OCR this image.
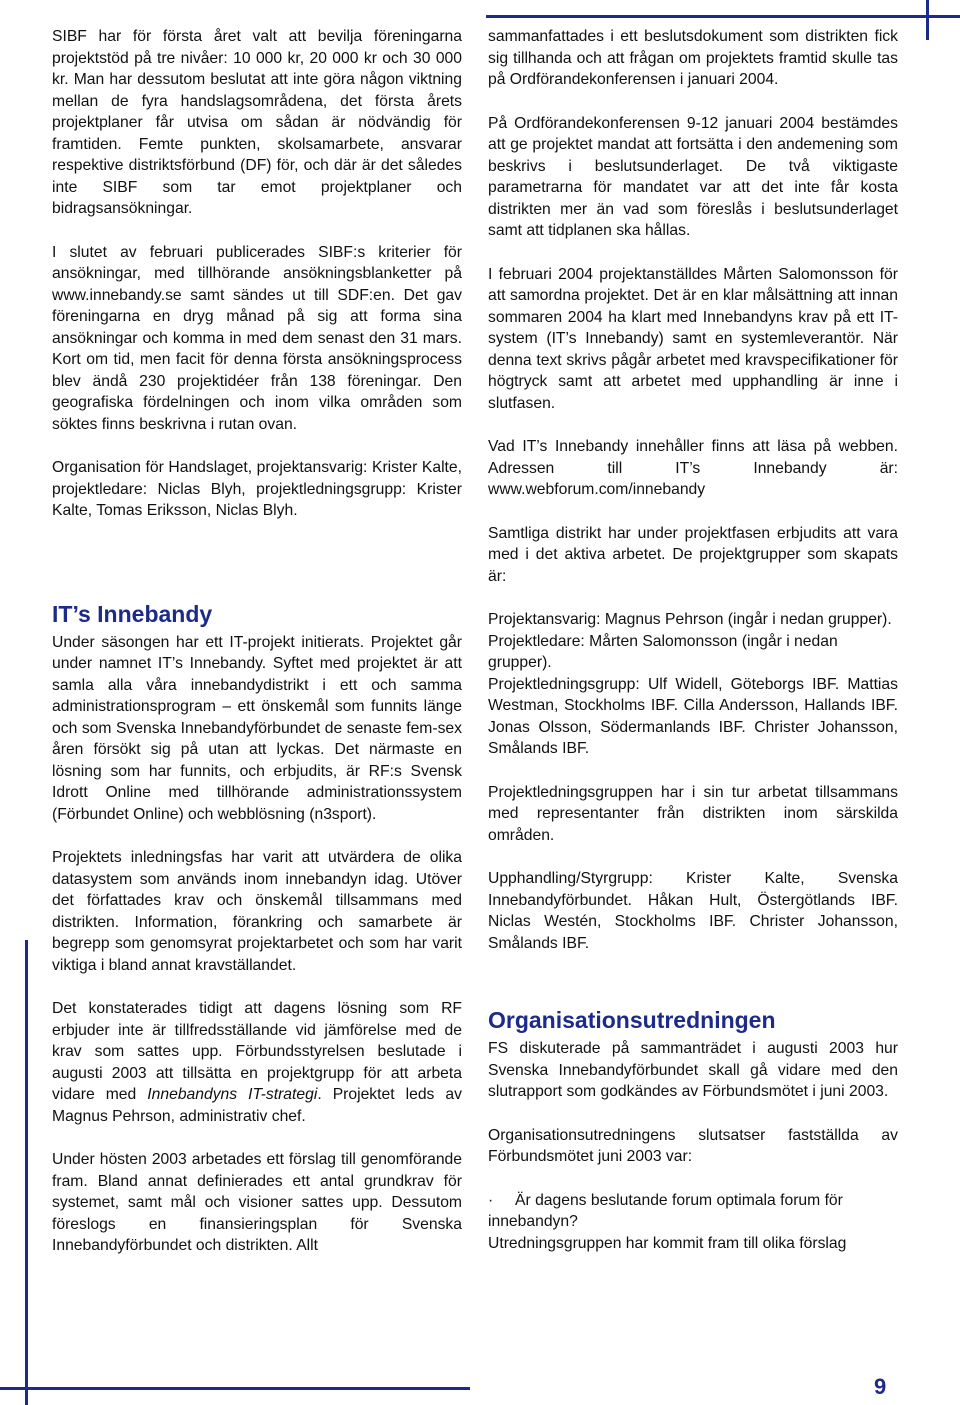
SIBF har för första året valt att bevilja föreningarna projektstöd på tre nivåer: 10 000 kr, 20 000 kr och 30 000 kr. Man har dessutom beslutat att inte göra någon viktning mellan de fyra handslagsområdena, det första årets projektplaner får utvisa om sådan är nödvändig för framtiden. Femte punkten, skolsamarbete, ansvarar respektive distriktsförbund (DF) för, och där är det således inte SIBF som tar emot projektplaner och bidragsansökningar.

I slutet av februari publicerades SIBF:s kriterier för ansökningar, med tillhörande ansökningsblanketter på www.innebandy.se samt sändes ut till SDF:en. Det gav föreningarna en dryg månad på sig att forma sina ansökningar och komma in med dem senast den 31 mars. Kort om tid, men facit för denna första ansökningsprocess blev ändå 230 projektidéer från 138 föreningar. Den geografiska fördelningen och inom vilka områden som söktes finns beskrivna i rutan ovan.

Organisation för Handslaget, projektansvarig: Krister Kalte, projektledare: Niclas Blyh, projektledningsgrupp: Krister Kalte, Tomas Eriksson, Niclas Blyh.

IT’s Innebandy

Under säsongen har ett IT-projekt initierats. Projektet går under namnet IT’s Innebandy. Syftet med projektet är att samla alla våra innebandydistrikt i ett och samma administrationsprogram – ett önskemål som funnits länge och som Svenska Innebandyförbundet de senaste fem-sex åren försökt sig på utan att lyckas. Det närmaste en lösning som har funnits, och erbjudits, är RF:s Svensk Idrott Online med tillhörande administrationssystem (Förbundet Online) och webblösning (n3sport).

Projektets inledningsfas har varit att utvärdera de olika datasystem som används inom innebandyn idag. Utöver det författades krav och önskemål tillsammans med distrikten. Information, förankring och samarbete är begrepp som genomsyrat projektarbetet och som har varit viktiga i bland annat kravställandet.

Det konstaterades tidigt att dagens lösning som RF erbjuder inte är tillfredsställande vid jämförelse med de krav som sattes upp. Förbundsstyrelsen beslutade i augusti 2003 att tillsätta en projektgrupp för att arbeta vidare med Innebandyns IT-strategi. Projektet leds av Magnus Pehrson, administrativ chef.

Under hösten 2003 arbetades ett förslag till genomförande fram. Bland annat definierades ett antal grundkrav för systemet, samt mål och visioner sattes upp. Dessutom föreslogs en finansieringsplan för Svenska Innebandyförbundet och distrikten. Allt

sammanfattades i ett beslutsdokument som distrikten fick sig tillhanda och att frågan om projektets framtid skulle tas på Ordförandekonferensen i januari 2004.

På Ordförandekonferensen 9-12 januari 2004 bestämdes att ge projektet mandat att fortsätta i den andemening som beskrivs i beslutsunderlaget. De två viktigaste parametrarna för mandatet var att det inte får kosta distrikten mer än vad som föreslås i beslutsunderlaget samt att tidplanen ska hållas.

I februari 2004 projektanställdes Mårten Salomonsson för att samordna projektet. Det är en klar målsättning att innan sommaren 2004 ha klart med Innebandyns krav på ett IT-system (IT’s Innebandy) samt en systemleverantör. När denna text skrivs pågår arbetet med kravspecifikationer för högtryck samt att arbetet med upphandling är inne i slutfasen.

Vad IT’s Innebandy innehåller finns att läsa på webben. Adressen till IT’s Innebandy är: www.webforum.com/innebandy

Samtliga distrikt har under projektfasen erbjudits att vara med i det aktiva arbetet. De projektgrupper som skapats är:

Projektansvarig: Magnus Pehrson (ingår i nedan grupper).

Projektledare: Mårten Salomonsson (ingår i nedan grupper).

Projektledningsgrupp: Ulf Widell, Göteborgs IBF. Mattias Westman, Stockholms IBF. Cilla Andersson, Hallands IBF. Jonas Olsson, Södermanlands IBF. Christer Johansson, Smålands IBF.

Projektledningsgruppen har i sin tur arbetat tillsammans med representanter från distrikten inom särskilda områden.

Upphandling/Styrgrupp: Krister Kalte, Svenska Innebandyförbundet. Håkan Hult, Östergötlands IBF. Niclas Westén, Stockholms IBF. Christer Johansson, Smålands IBF.

Organisationsutredningen

FS diskuterade på sammanträdet i augusti 2003 hur Svenska Innebandyförbundet skall gå vidare med den slutrapport som godkändes av Förbundsmötet i juni 2003.

Organisationsutredningens slutsatser fastställda av Förbundsmötet juni 2003 var:

·     Är dagens beslutande forum optimala forum för innebandyn?

Utredningsgruppen har kommit fram till olika förslag

9
